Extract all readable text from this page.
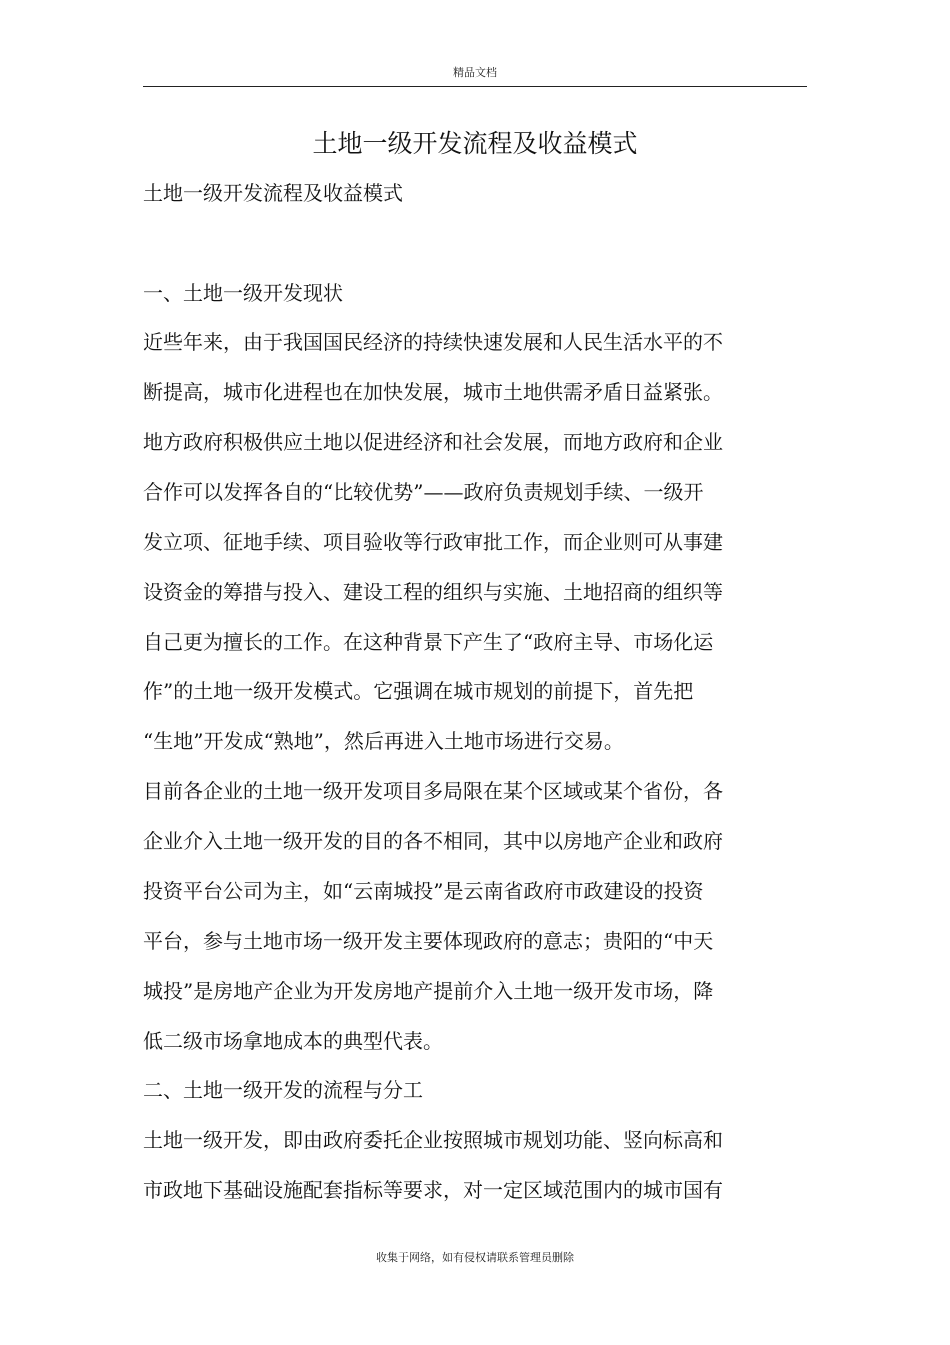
精品文档
土地一级开发流程及收益模式
土地一级开发流程及收益模式
一、土地一级开发现状
近些年来，由于我国国民经济的持续快速发展和人民生活水平的不
断提高，城市化进程也在加快发展，城市土地供需矛盾日益紧张。
地方政府积极供应土地以促进经济和社会发展，而地方政府和企业
合作可以发挥各自的“比较优势”——政府负责规划手续、一级开
发立项、征地手续、项目验收等行政审批工作，而企业则可从事建
设资金的筹措与投入、建设工程的组织与实施、土地招商的组织等
自己更为擅长的工作。在这种背景下产生了“政府主导、市场化运
作”的土地一级开发模式。它强调在城市规划的前提下，首先把
“生地”开发成“熟地”，然后再进入土地市场进行交易。
目前各企业的土地一级开发项目多局限在某个区域或某个省份，各
企业介入土地一级开发的目的各不相同，其中以房地产企业和政府
投资平台公司为主，如“云南城投”是云南省政府市政建设的投资
平台，参与土地市场一级开发主要体现政府的意志；贵阳的“中天
城投”是房地产企业为开发房地产提前介入土地一级开发市场，降
低二级市场拿地成本的典型代表。
二、土地一级开发的流程与分工
土地一级开发，即由政府委托企业按照城市规划功能、竖向标高和
市政地下基础设施配套指标等要求，对一定区域范围内的城市国有
收集于网络，如有侵权请联系管理员删除
